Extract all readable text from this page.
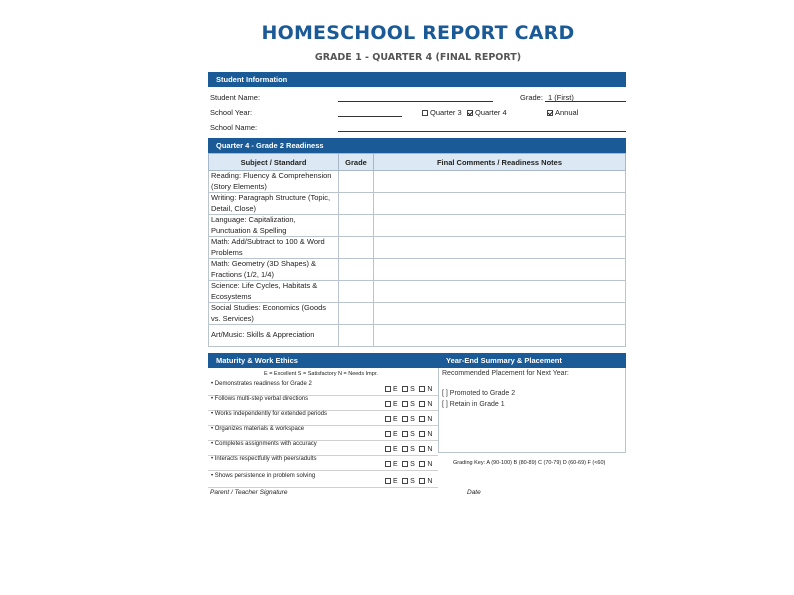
HOMESCHOOL REPORT CARD
GRADE 1 - QUARTER 4 (FINAL REPORT)
Student Information
Student Name:	Grade: 1 (First)
School Year:	Quarter 3	Quarter 4	Annual
School Name:
Quarter 4 - Grade 2 Readiness
Subject / Standard	Grade	Final Comments / Readiness Notes
Reading: Fluency & Comprehension (Story Elements)		
Writing: Paragraph Structure (Topic, Detail, Close)		
Language: Capitalization, Punctuation & Spelling		
Math: Add/Subtract to 100 & Word Problems		
Math: Geometry (3D Shapes) & Fractions (1/2, 1/4)		
Science: Life Cycles, Habitats & Ecosystems		
Social Studies: Economics (Goods vs. Services)		
Art/Music: Skills & Appreciation		
Maturity & Work Ethics	Year-End Summary & Placement
E = Excellent S = Satisfactory N = Needs Impr.
• Demonstrates readiness for Grade 2
E S N
• Follows multi-step verbal directions
E S N
• Works independently for extended periods
E S N
• Organizes materials & workspace
E S N
• Completes assignments with accuracy
E S N
• Interacts respectfully with peers/adults
E S N
• Shows persistence in problem solving
E S N
Recommended Placement for Next Year:
[ ] Promoted to Grade 2
[ ] Retain in Grade 1
Grading Key: A (90-100) B (80-89) C (70-79) D (60-69) F (<60)
Parent / Teacher Signature	Date
